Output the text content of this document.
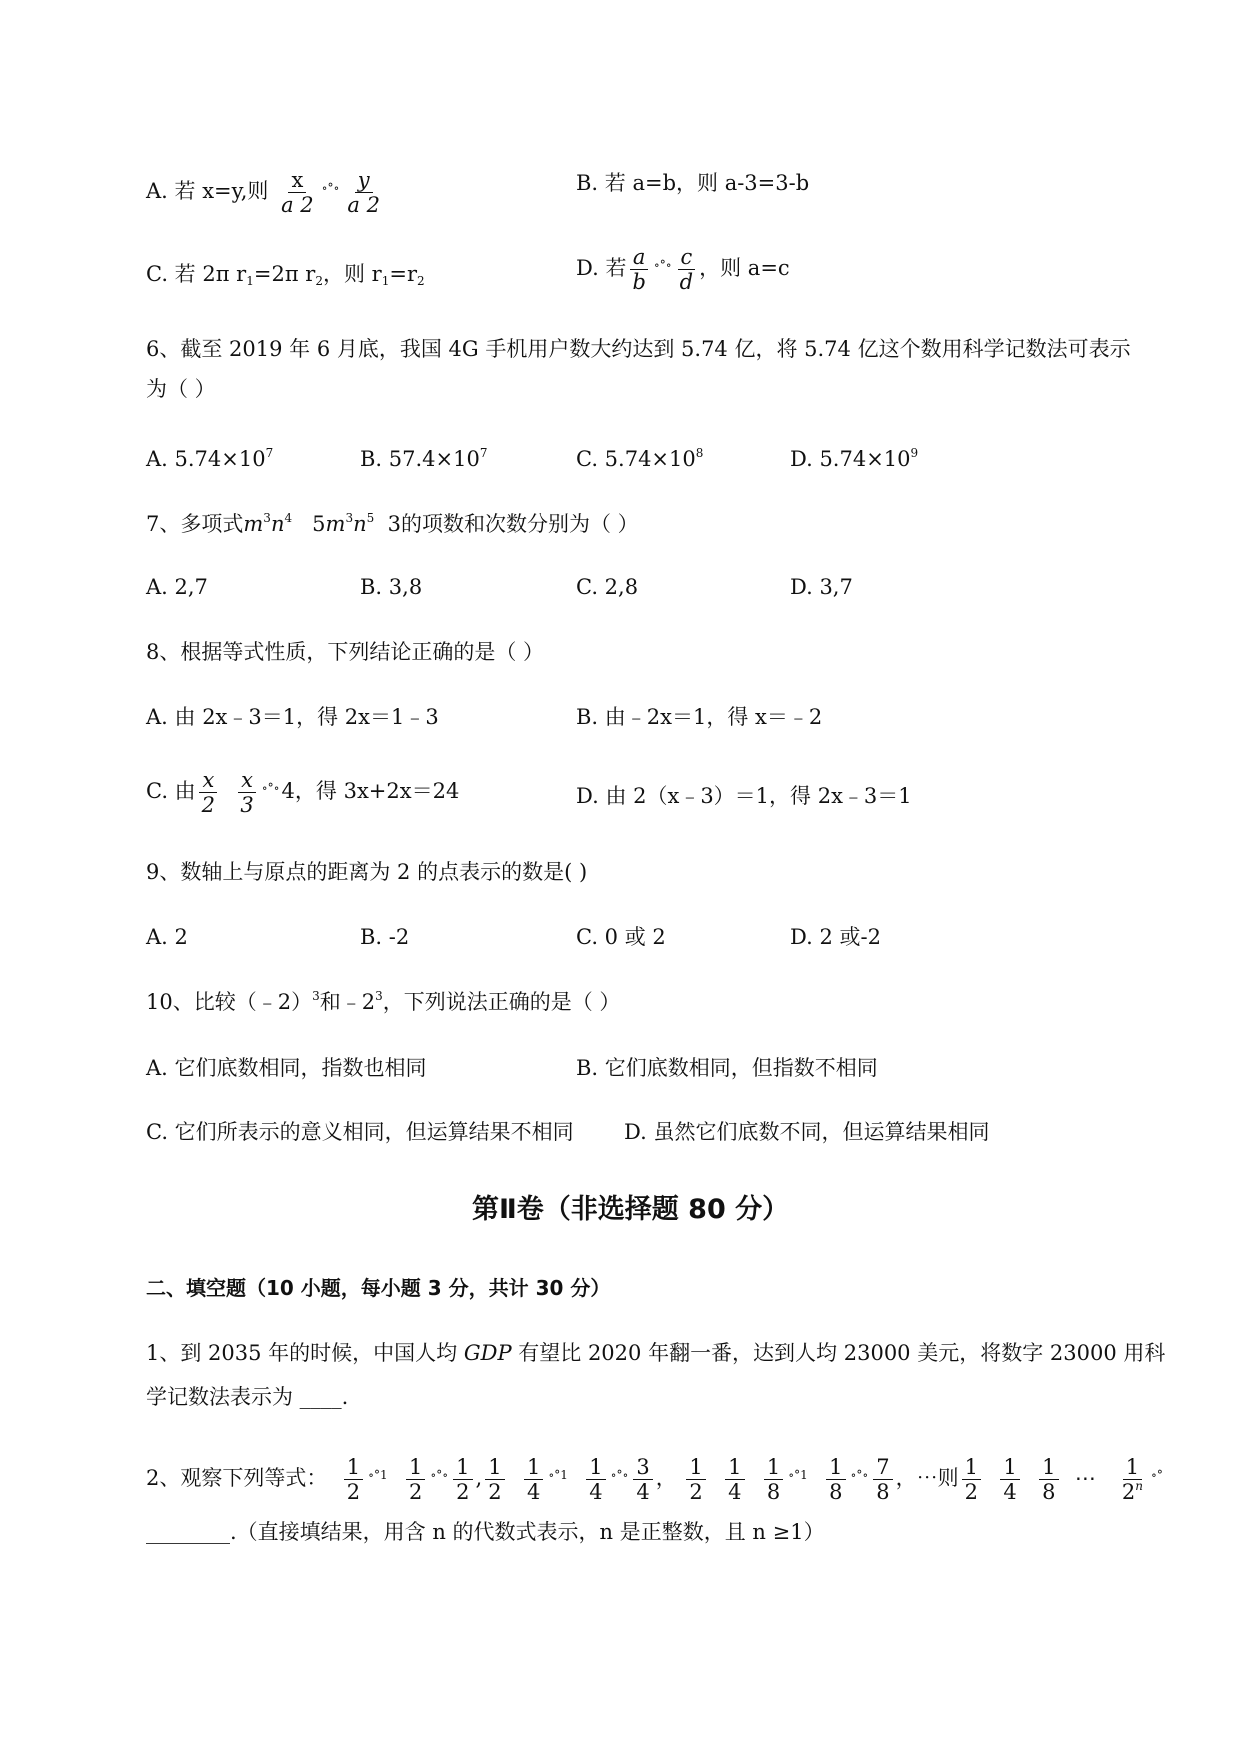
A. 若 x=y,则 $\frac{x}{a 2} ^{\circ^\circ\circ} \frac{y}{a 2}$	B. 若 a=b，则 a-3=3-b
C. 若 2π $r_1=2\pi$ $r_2$，则 $r_1=r_2$
D. 若 $\frac{a}{b} ^{\circ^\circ\circ} \frac{c}{d}$ ，则 a=c
6、截至 2019 年 6 月底，我国 4G 手机用户数大约达到 5.74 亿，将 5.74 亿这个数用科学记数法可表示
为（ ）
A. $5.74\times 10^7$	B. $57.4\times 10^7$	C. $5.74\times 10^8$	D. $5.74\times 10^9$
7、多项式$m^3n^4$ $5m^3n^5$ 3的项数和次数分别为（ ）
A. 2,7	B. 3,8	C. 2,8	D. 3,7
8、根据等式性质，下列结论正确的是（ ）
A. 由 2x﹣3＝1，得 2x＝1﹣3	B. 由﹣2x＝1，得 x＝﹣2
C. 由 $\frac{x}{2}$
$\frac{x}{3} ^{\circ^\circ\circ}4$，得 3x+2x＝24	D. 由 2（x﹣3）＝1，得 2x﹣3＝1
9、数轴上与原点的距离为 2 的点表示的数是( )
A. 2	B. -2	C. 0 或 2	D. 2 或-2
10、比较（﹣2）$^3$和$﹣2^3$，下列说法正确的是（ ）
A. 它们底数相同，指数也相同	B. 它们底数相同，但指数不相同
C. 它们所表示的意义相同，但运算结果不相同 D. 虽然它们底数不同，但运算结果相同
第Ⅱ卷（非选择题 80 分）
二、填空题（10 小题，每小题 3 分，共计 30 分）
1、到 2035 年的时候，中国人均 GDP 有望比 2020 年翻一番，达到人均 23000 美元，将数字 23000 用科
学记数法表示为 ____.
2、观察下列等式： $\frac{1}{2} ^{\circ^\circ 1} \frac{1}{2} ^{\circ^\circ\circ} \frac{1}{2}$ , $\frac{1}{2}$
$\frac{1}{4} ^{\circ^\circ 1} \frac{1}{4} ^{\circ^\circ\circ} \frac{3}{4}$ ， $\frac{1}{2}$
$\frac{1}{4}$
$\frac{1}{8} ^{\circ^\circ 1} \frac{1}{8} ^{\circ^\circ\circ} \frac{7}{8}$ ，⋯则 $\frac{1}{2}$
$\frac{1}{4}$
$\frac{1}{8}$ ⋯ $\frac{1}{2^n} ^{\circ^\circ}$
________.（直接填结果，用含 n 的代数式表示，n 是正整数，且 n ≥1）
